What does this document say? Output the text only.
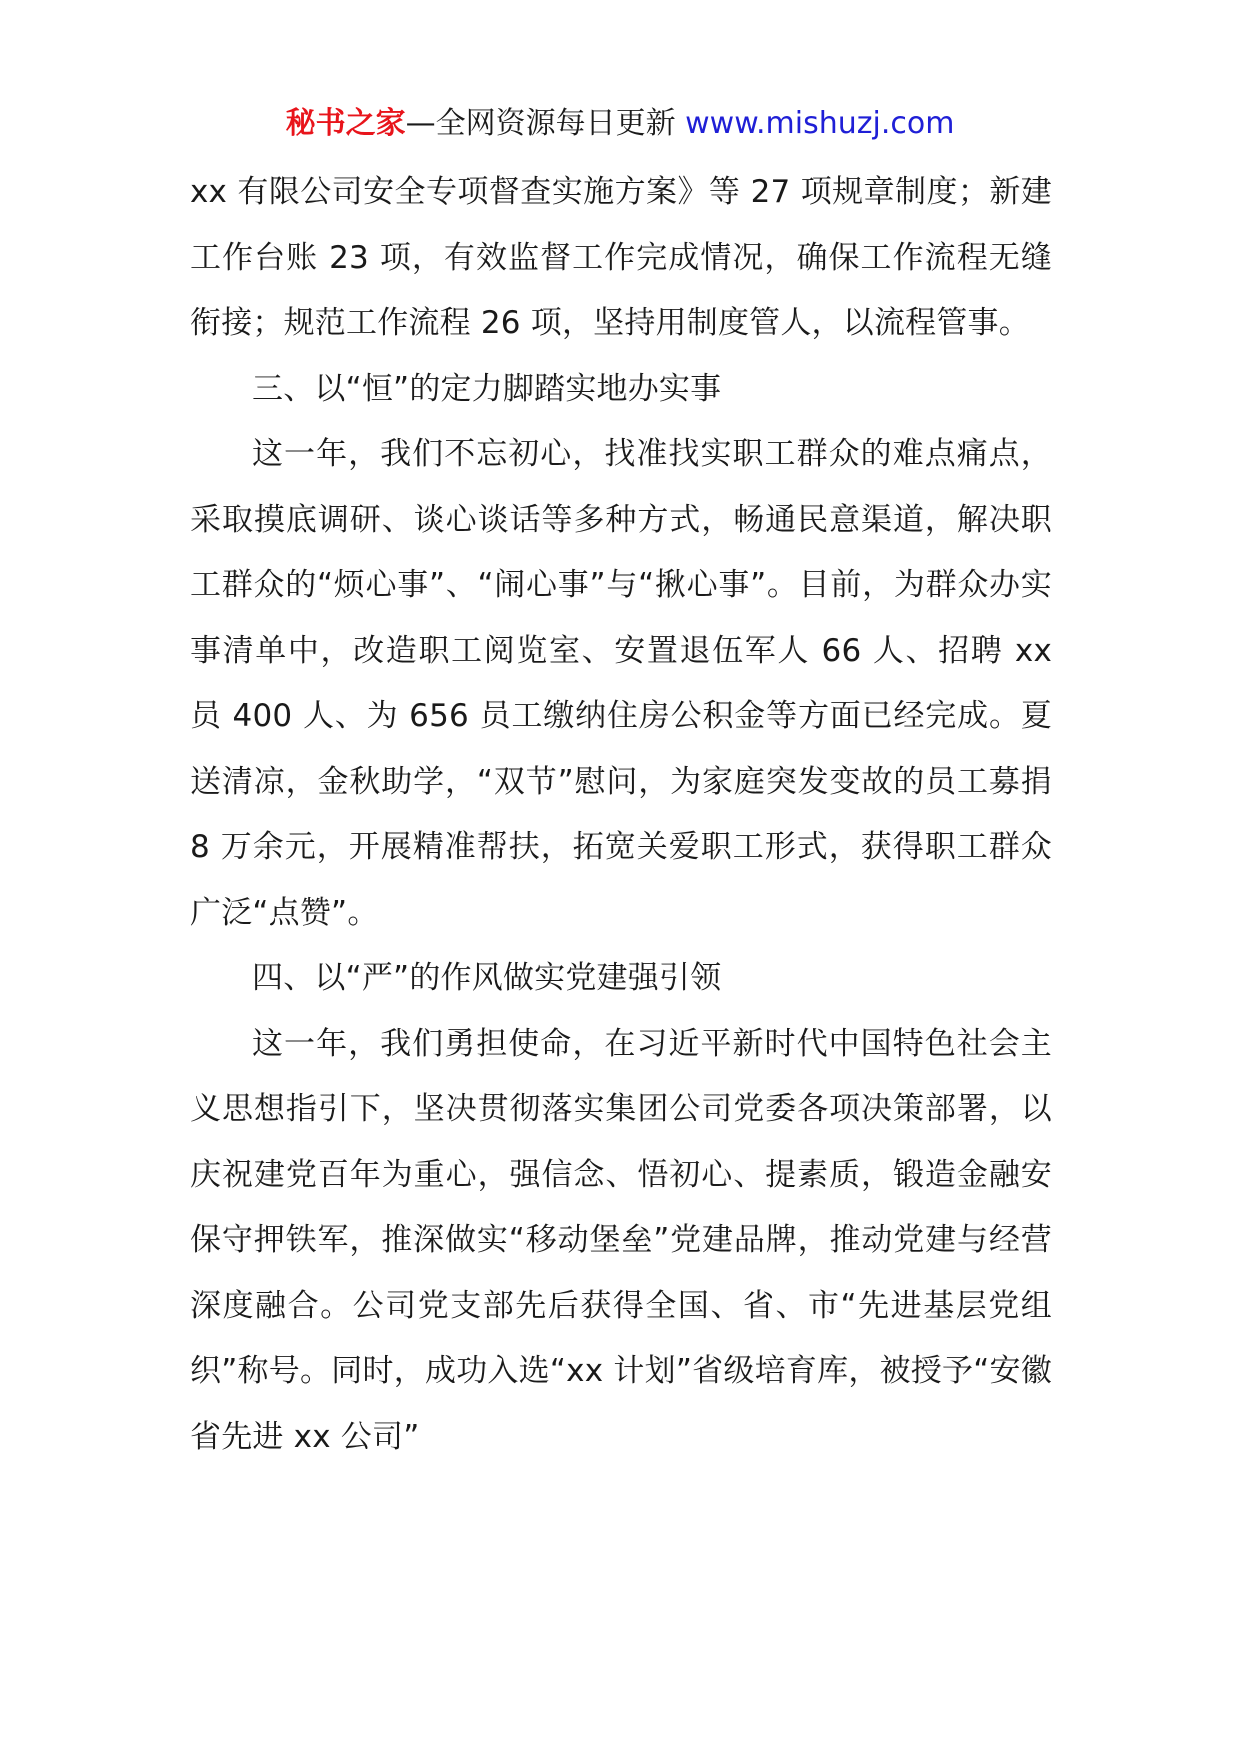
秘书之家—全网资源每日更新 www.mishuzj.com

xx 有限公司安全专项督查实施方案》等 27 项规章制度；新建工作台账 23 项，有效监督工作完成情况，确保工作流程无缝衔接；规范工作流程 26 项，坚持用制度管人，以流程管事。

三、以“恒”的定力脚踏实地办实事

这一年，我们不忘初心，找准找实职工群众的难点痛点，采取摸底调研、谈心谈话等多种方式，畅通民意渠道，解决职工群众的“烦心事”、“闹心事”与“揪心事”。目前，为群众办实事清单中，改造职工阅览室、安置退伍军人 66 人、招聘 xx 员 400 人、为 656 员工缴纳住房公积金等方面已经完成。夏送清凉，金秋助学，“双节”慰问，为家庭突发变故的员工募捐 8 万余元，开展精准帮扶，拓宽关爱职工形式，获得职工群众广泛“点赞”。

四、以“严”的作风做实党建强引领

这一年，我们勇担使命，在习近平新时代中国特色社会主义思想指引下，坚决贯彻落实集团公司党委各项决策部署，以庆祝建党百年为重心，强信念、悟初心、提素质，锻造金融安保守押铁军，推深做实“移动堡垒”党建品牌，推动党建与经营深度融合。公司党支部先后获得全国、省、市“先进基层党组织”称号。同时，成功入选“xx 计划”省级培育库，被授予“安徽省先进 xx 公司”
